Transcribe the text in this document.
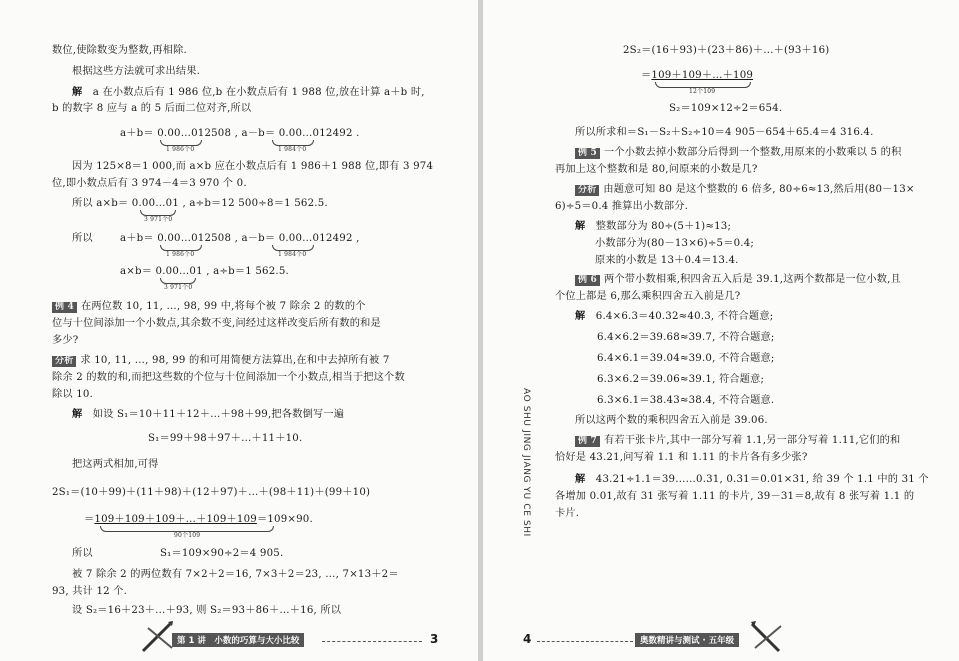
数位,使除数变为整数,再相除.
根据这些方法就可求出结果.
解　 a 在小数点后有 1 986 位,b 在小数点后有 1 988 位,放在计算 a＋b 时,
b 的数字 8 应与 a 的 5 后面二位对齐,所以
a＋b＝ 0.00…012508 , a－b＝ 0.00…012492 .
1 986个0	1 984个0
因为 125×8＝1 000,而 a×b 应在小数点后有 1 986＋1 988 位,即有 3 974
位,即小数点后有 3 974－4＝3 970 个 0.
所以 a×b＝ 0.00…01 , a÷b＝12 500÷8＝1 562.5.
3 971个0
所以	a＋b＝ 0.00…012508 , a－b＝ 0.00…012492 ,
1 986个0	1 984个0
a×b＝ 0.00…01 , a÷b＝1 562.5.
3 971个0
例 4 在两位数 10, 11, …, 98, 99 中,将每个被 7 除余 2 的数的个
位与十位间添加一个小数点,其余数不变,问经过这样改变后所有数的和是
多少?
分析 求 10, 11, …, 98, 99 的和可用简便方法算出,在和中去掉所有被 7
除余 2 的数的和,而把这些数的个位与十位间添加一个小数点,相当于把这个数
除以 10.
解　 如设 S₁＝10＋11＋12＋…＋98＋99,把各数倒写一遍
S₁＝99＋98＋97＋…＋11＋10.
把这两式相加,可得
2S₁＝(10＋99)＋(11＋98)＋(12＋97)＋…＋(98＋11)＋(99＋10)
＝109＋109＋109＋…＋109＋109＝109×90.
90个109
所以	S₁＝109×90÷2＝4 905.
被 7 除余 2 的两位数有 7×2＋2＝16, 7×3＋2＝23, …, 7×13＋2＝
93, 共计 12 个.
设 S₂＝16＋23＋…＋93, 则 S₂＝93＋86＋…＋16, 所以
第 1 讲　小数的巧算与大小比较	3
2S₂＝(16＋93)＋(23＋86)＋…＋(93＋16)
＝109＋109＋…＋109
12个109
S₂＝109×12÷2＝654.
所以所求和＝S₁－S₂＋S₂÷10＝4 905－654＋65.4＝4 316.4.
例 5 一个小数去掉小数部分后得到一个整数,用原来的小数乘以 5 的积
再加上这个整数和是 80,问原来的小数是几?
分析 由题意可知 80 是这个整数的 6 倍多, 80÷6≈13,然后用(80－13×
6)÷5＝0.4 推算出小数部分.
解　 整数部分为 80÷(5＋1)≈13;
小数部分为(80－13×6)÷5＝0.4;
原来的小数是 13＋0.4＝13.4.
例 6 两个带小数相乘,积四舍五入后是 39.1,这两个数都是一位小数,且
个位上都是 6,那么乘积四舍五入前是几?
解　 6.4×6.3＝40.32≈40.3, 不符合题意;
6.4×6.2＝39.68≈39.7, 不符合题意;
6.4×6.1＝39.04≈39.0, 不符合题意;
6.3×6.2＝39.06≈39.1, 符合题意;
6.3×6.1＝38.43≈38.4, 不符合题意.
所以这两个数的乘积四舍五入前是 39.06.
例 7 有若干张卡片,其中一部分写着 1.1,另一部分写着 1.11,它们的和
恰好是 43.21,问写着 1.1 和 1.11 的卡片各有多少张?
解　 43.21÷1.1＝39……0.31, 0.31＝0.01×31, 给 39 个 1.1 中的 31 个
各增加 0.01,故有 31 张写着 1.11 的卡片, 39－31＝8,故有 8 张写着 1.1 的
卡片.
4	奥数精讲与测试 · 五年级
AO SHU JING JIANG YU CE SHI
